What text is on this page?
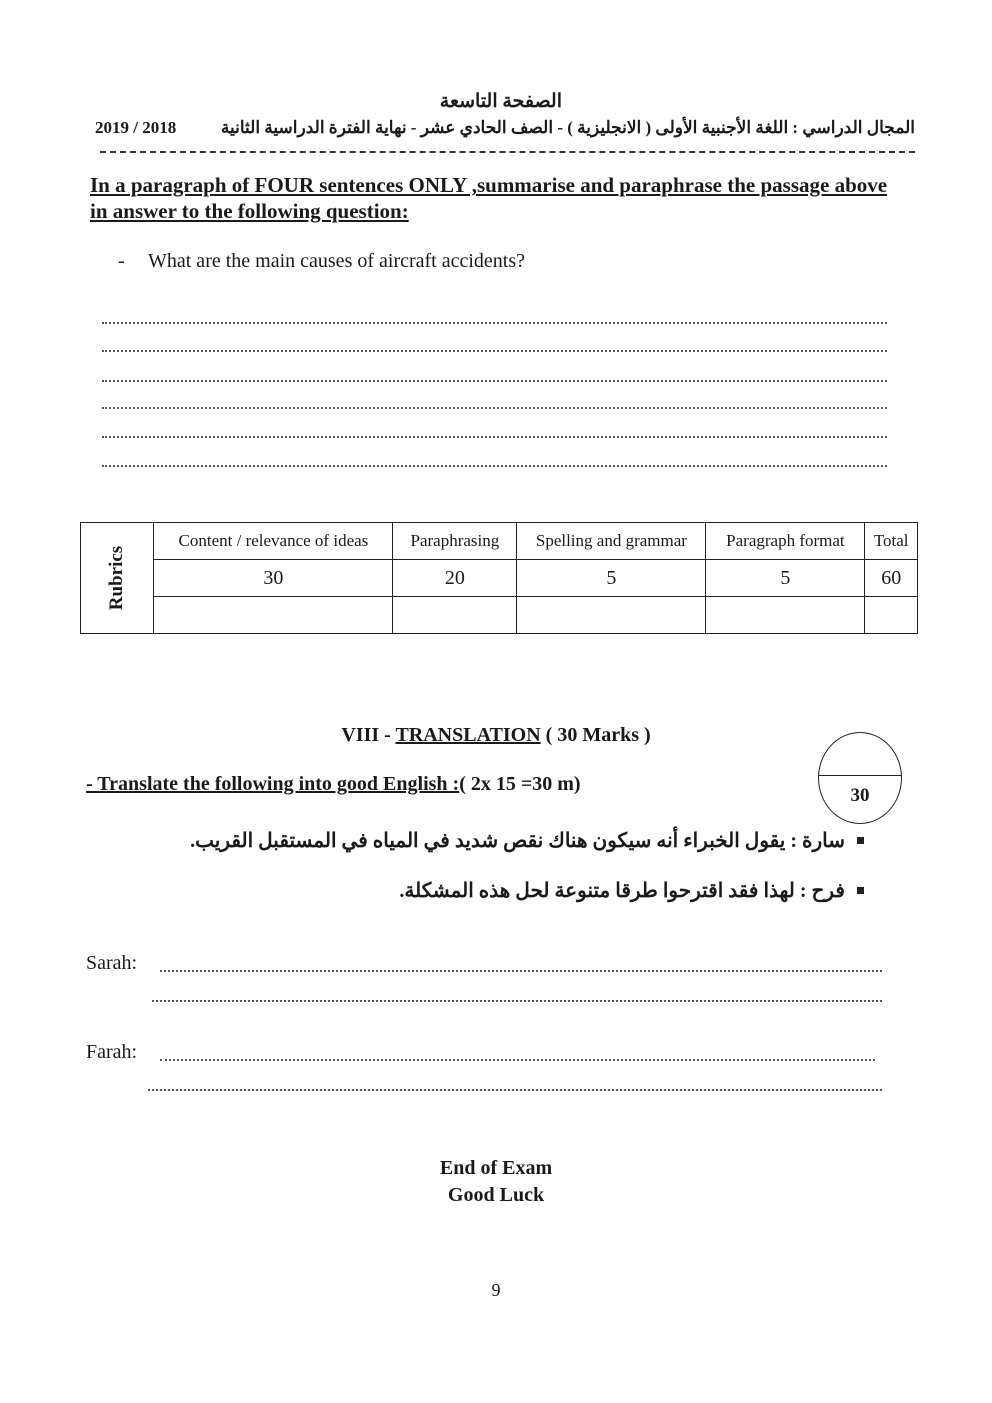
الصفحة التاسعة
2019 / 2018	المجال الدراسي : اللغة الأجنبية الأولى ( الانجليزية ) - الصف الحادي عشر - نهاية الفترة الدراسية الثانية
In a paragraph of FOUR sentences ONLY ,summarise and paraphrase the passage above in answer to the following question:
- What are the main causes of aircraft accidents?
Rubrics	Content / relevance of ideas	Paraphrasing	Spelling and grammar	Paragraph format	Total
	30	20	5	5	60

VIII - TRANSLATION ( 30 Marks )
30
- Translate the following into good English :( 2x 15 =30 m)
سارة : يقول الخبراء أنه سيكون هناك نقص شديد في المياه في المستقبل القريب.
فرح : لهذا فقد اقترحوا طرقا متنوعة لحل هذه المشكلة.
Sarah:
Farah:
End of Exam
Good Luck
9
